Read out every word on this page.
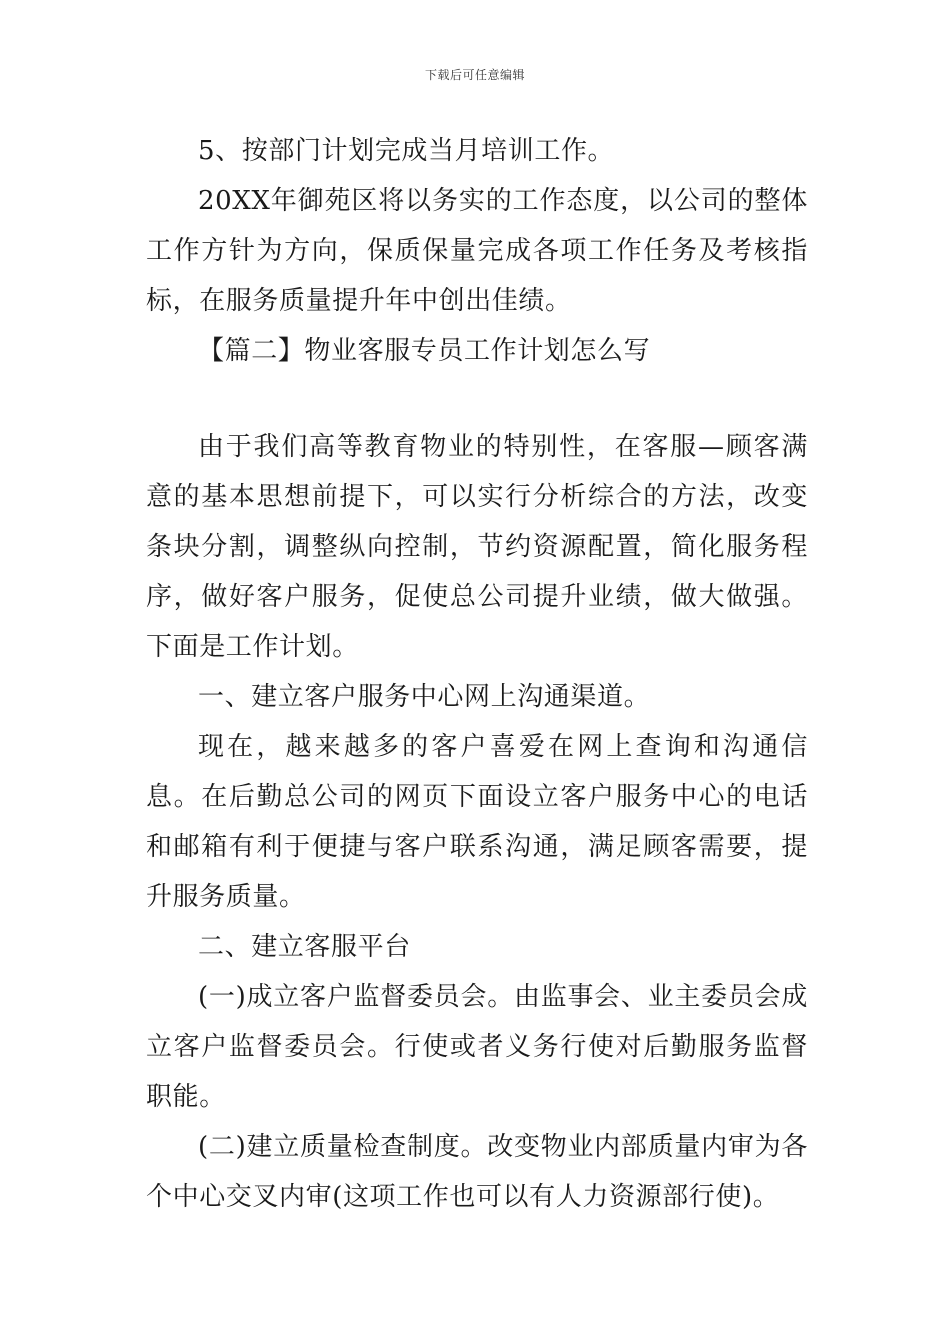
下载后可任意编辑

5、按部门计划完成当月培训工作。

20XX年御苑区将以务实的工作态度，以公司的整体工作方针为方向，保质保量完成各项工作任务及考核指标，在服务质量提升年中创出佳绩。

【篇二】物业客服专员工作计划怎么写

由于我们高等教育物业的特别性，在客服—顾客满意的基本思想前提下，可以实行分析综合的方法，改变条块分割，调整纵向控制，节约资源配置，简化服务程序，做好客户服务，促使总公司提升业绩，做大做强。下面是工作计划。

一、建立客户服务中心网上沟通渠道。

现在，越来越多的客户喜爱在网上查询和沟通信息。在后勤总公司的网页下面设立客户服务中心的电话和邮箱有利于便捷与客户联系沟通，满足顾客需要，提升服务质量。

二、建立客服平台

(一)成立客户监督委员会。由监事会、业主委员会成立客户监督委员会。行使或者义务行使对后勤服务监督职能。

(二)建立质量检查制度。改变物业内部质量内审为各个中心交叉内审(这项工作也可以有人力资源部行使)。
